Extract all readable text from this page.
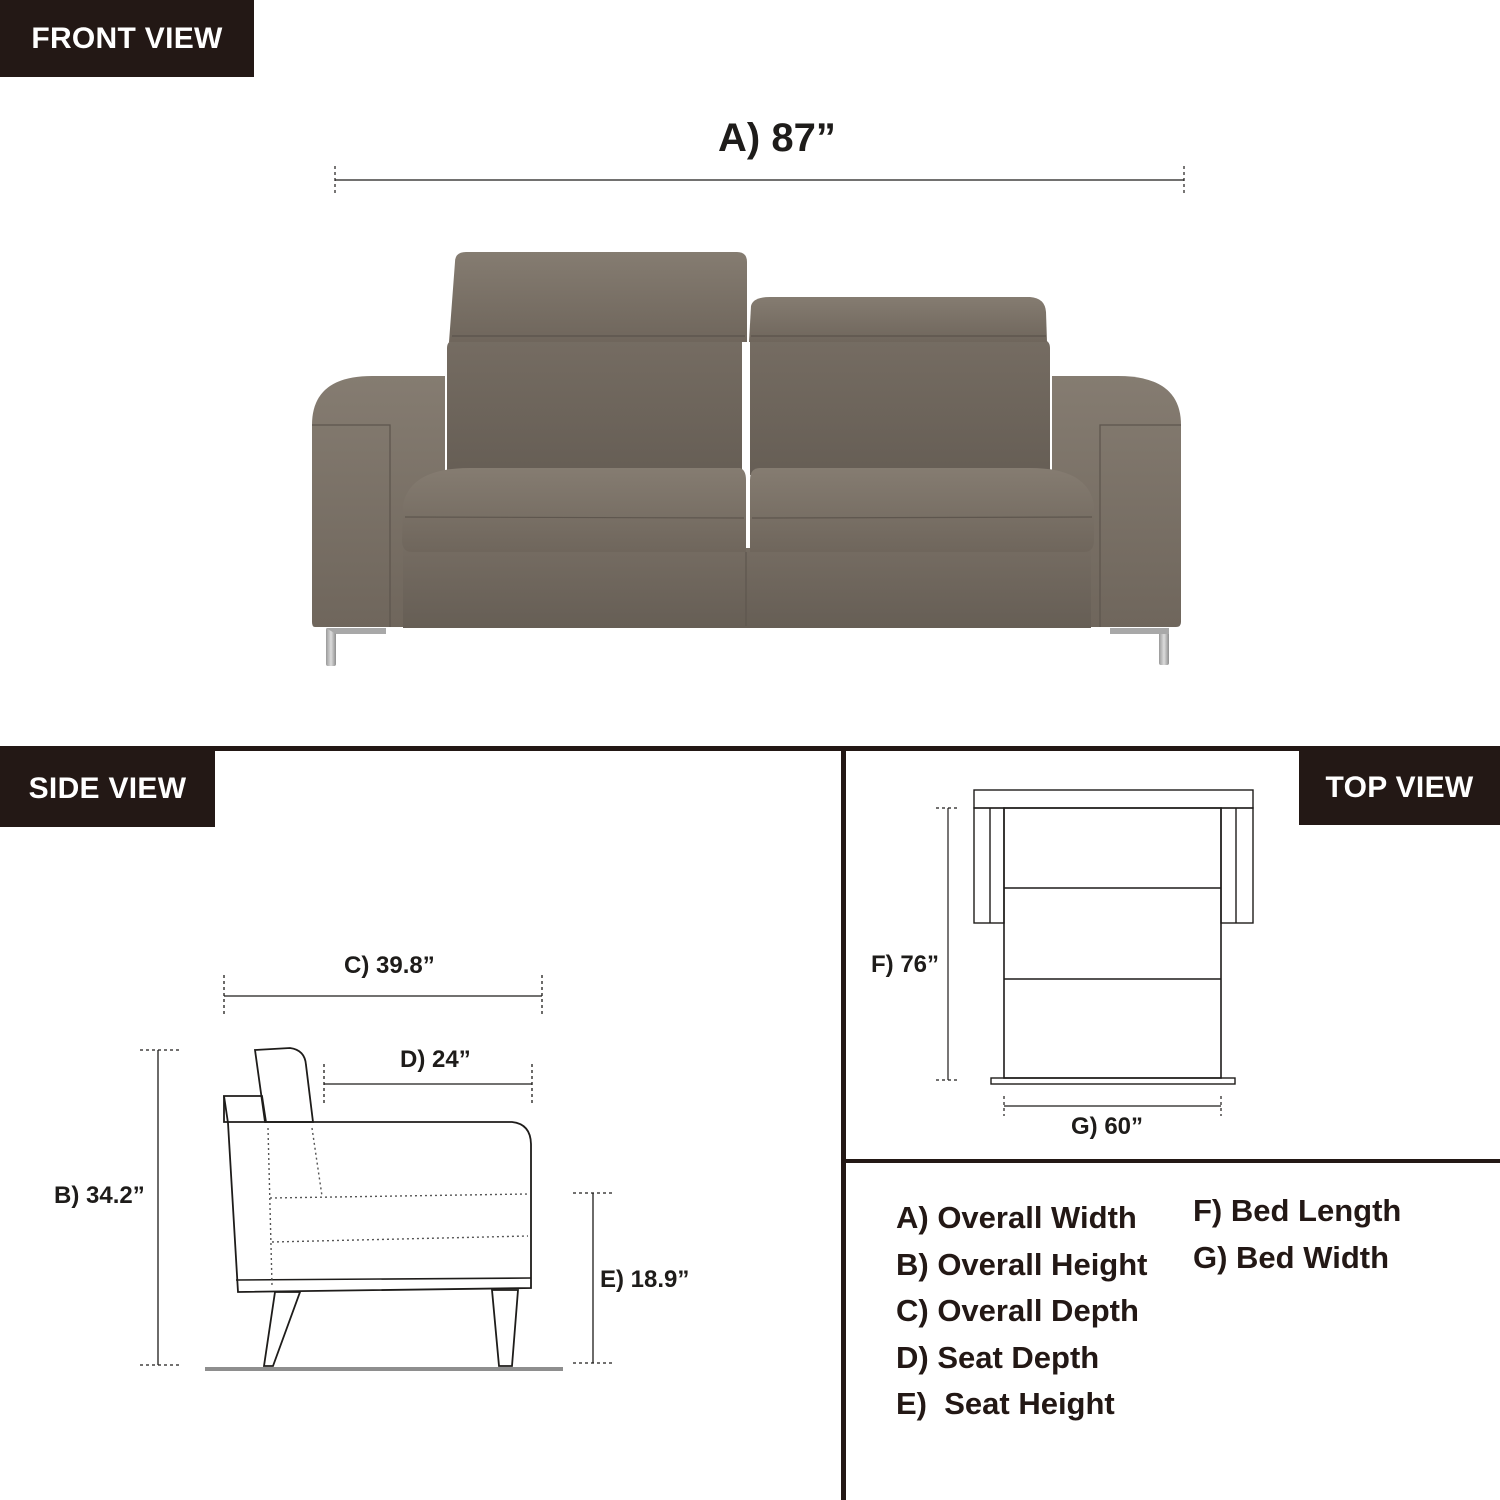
FRONT VIEW
SIDE VIEW	TOP VIEW
A) 87”
C) 39.8”
D) 24”
B) 34.2”
E) 18.9”
F) 76”
G) 60”
A) Overall Width
B) Overall Height
C) Overall Depth
D) Seat Depth
E)  Seat Height
F) Bed Length
G) Bed Width
